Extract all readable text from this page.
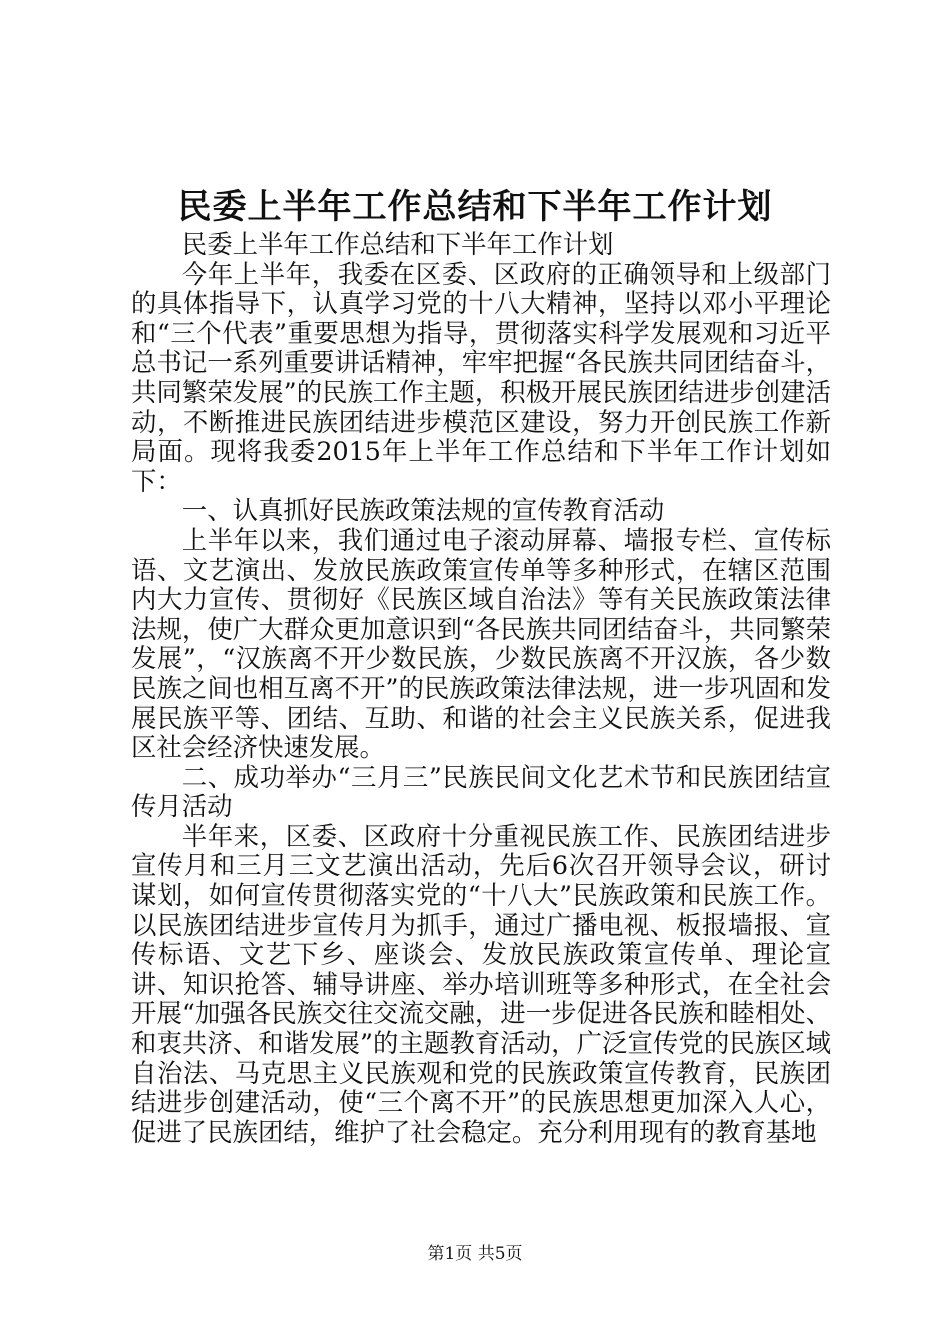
民委上半年工作总结和下半年工作计划

民委上半年工作总结和下半年工作计划

今年上半年，我委在区委、区政府的正确领导和上级部门的具体指导下，认真学习党的十八大精神，坚持以邓小平理论和“三个代表”重要思想为指导，贯彻落实科学发展观和习近平总书记一系列重要讲话精神，牢牢把握“各民族共同团结奋斗，共同繁荣发展”的民族工作主题，积极开展民族团结进步创建活动，不断推进民族团结进步模范区建设，努力开创民族工作新局面。现将我委2015年上半年工作总结和下半年工作计划如下：

一、认真抓好民族政策法规的宣传教育活动

上半年以来，我们通过电子滚动屏幕、墙报专栏、宣传标语、文艺演出、发放民族政策宣传单等多种形式，在辖区范围内大力宣传、贯彻好《民族区域自治法》等有关民族政策法律法规，使广大群众更加意识到“各民族共同团结奋斗，共同繁荣发展”，“汉族离不开少数民族，少数民族离不开汉族，各少数民族之间也相互离不开”的民族政策法律法规，进一步巩固和发展民族平等、团结、互助、和谐的社会主义民族关系，促进我区社会经济快速发展。

二、成功举办“三月三”民族民间文化艺术节和民族团结宣传月活动

半年来，区委、区政府十分重视民族工作、民族团结进步宣传月和三月三文艺演出活动，先后6次召开领导会议，研讨谋划，如何宣传贯彻落实党的“十八大”民族政策和民族工作。以民族团结进步宣传月为抓手，通过广播电视、板报墙报、宣传标语、文艺下乡、座谈会、发放民族政策宣传单、理论宣讲、知识抢答、辅导讲座、举办培训班等多种形式，在全社会开展“加强各民族交往交流交融，进一步促进各民族和睦相处、和衷共济、和谐发展”的主题教育活动，广泛宣传党的民族区域自治法、马克思主义民族观和党的民族政策宣传教育，民族团结进步创建活动，使“三个离不开”的民族思想更加深入人心，促进了民族团结，维护了社会稳定。充分利用现有的教育基地

第1页 共5页
